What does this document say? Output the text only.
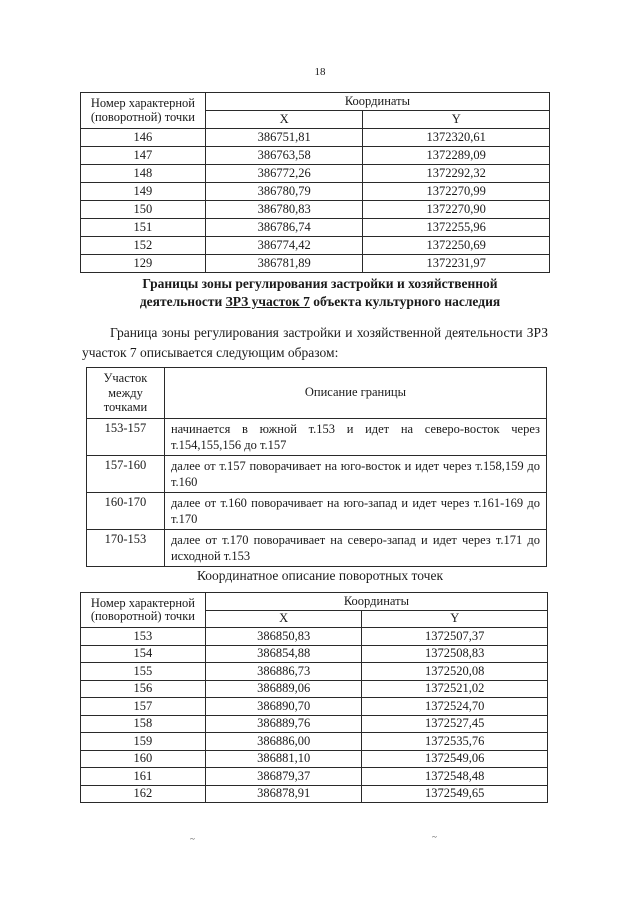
18
Номер характерной (поворотной) точки	Координаты	
	X	Y
146	386751,81	1372320,61
147	386763,58	1372289,09
148	386772,26	1372292,32
149	386780,79	1372270,99
150	386780,83	1372270,90
151	386786,74	1372255,96
152	386774,42	1372250,69
129	386781,89	1372231,97
Границы зоны регулирования застройки и хозяйственной
деятельности ЗРЗ участок 7 объекта культурного наследия
Граница зоны регулирования застройки и хозяйственной деятельности ЗРЗ участок 7 описывается следующим образом:
Участок между точками	Описание границы
153-157	начинается в южной т.153 и идет на северо-восток через т.154,155,156 до т.157
157-160	далее от т.157 поворачивает на юго-восток и идет через т.158,159 до т.160
160-170	далее от т.160 поворачивает на юго-запад и идет через т.161-169 до т.170
170-153	далее от т.170 поворачивает на северо-запад и идет через т.171 до исходной т.153
Координатное описание поворотных точек
Номер характерной (поворотной) точки	Координаты	
	X	Y
153	386850,83	1372507,37
154	386854,88	1372508,83
155	386886,73	1372520,08
156	386889,06	1372521,02
157	386890,70	1372524,70
158	386889,76	1372527,45
159	386886,00	1372535,76
160	386881,10	1372549,06
161	386879,37	1372548,48
162	386878,91	1372549,65
~	~
